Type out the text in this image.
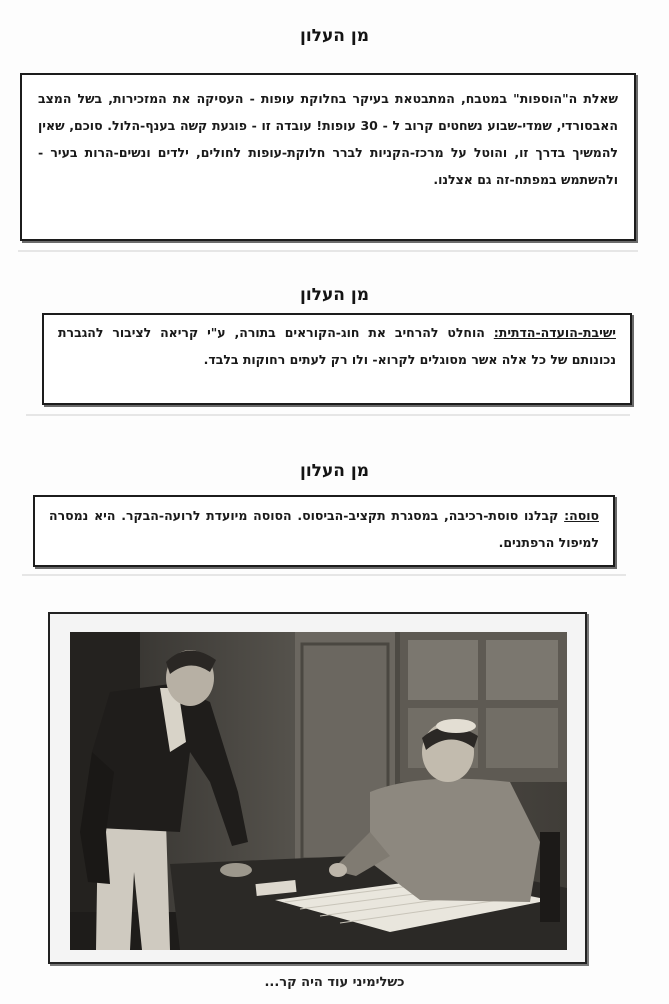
מן העלון

שאלת ה"הוספות" במטבח, המתבטאת בעיקר בחלוקת עופות - העסיקה את המזכירות, בשל המצב האבסורדי, שמדי-שבוע נשחטים קרוב ל - 30 עופות! עובדה זו - פוגעת קשה בענף-הלול. סוכם, שאין להמשיך בדרך זו, והוטל על מרכז-הקניות לברר חלוקת-עופות לחולים, ילדים ונשים-הרות בעיר - ולהשתמש במפתח-זה גם אצלנו.

מן העלון

ישיבת-הועדה-הדתית: הוחלט להרחיב את חוג-הקוראים בתורה, ע"י קריאה לציבור להגברת נכונותם של כל אלה אשר מסוגלים לקרוא- ולו רק לעתים רחוקות בלבד.

מן העלון

סוסה: קבלנו סוסת-רכיבה, במסגרת תקציב-הביסוס. הסוסה מיועדת לרועה-הבקר. היא נמסרה למיפול הרפתנים.

כשלימיני עוד היה קר...
